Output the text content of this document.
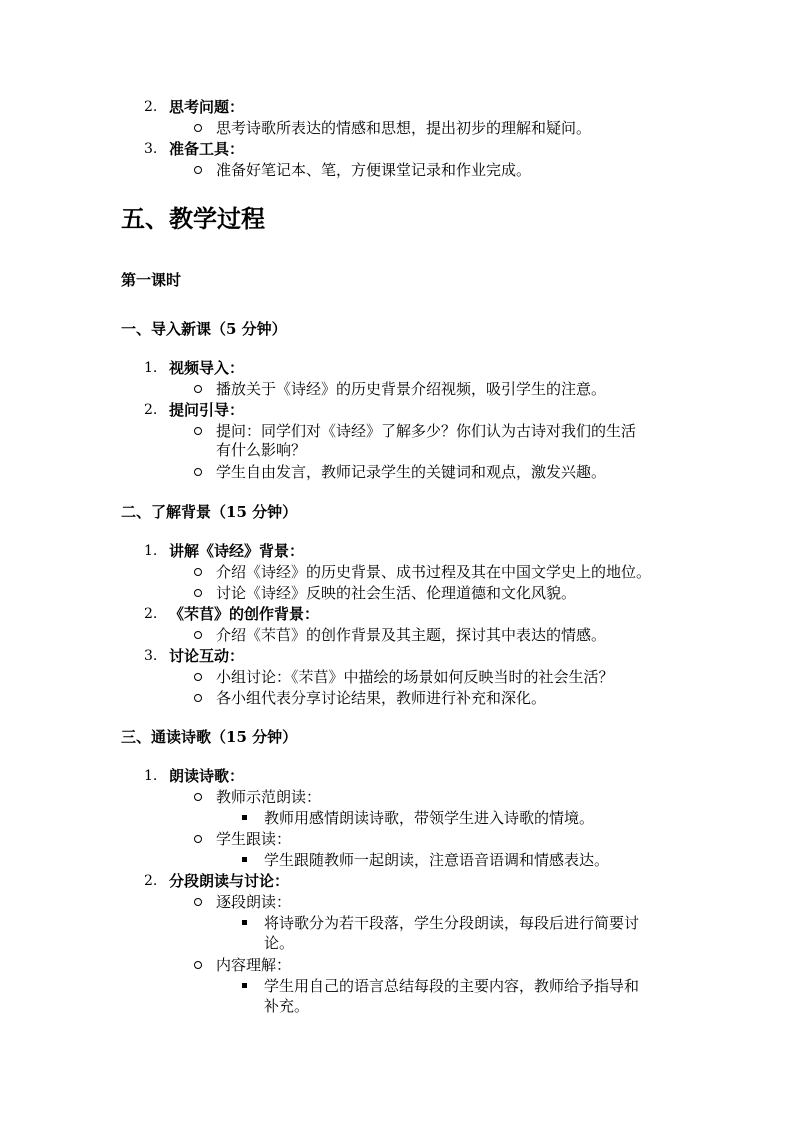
2. 思考问题：
思考诗歌所表达的情感和思想，提出初步的理解和疑问。
3. 准备工具：
准备好笔记本、笔，方便课堂记录和作业完成。
五、教学过程
第一课时
一、导入新课（5 分钟）
1. 视频导入：
播放关于《诗经》的历史背景介绍视频，吸引学生的注意。
2. 提问引导：
提问：同学们对《诗经》了解多少？你们认为古诗对我们的生活
有什么影响？
学生自由发言，教师记录学生的关键词和观点，激发兴趣。
二、了解背景（15 分钟）
1. 讲解《诗经》背景：
介绍《诗经》的历史背景、成书过程及其在中国文学史上的地位。
讨论《诗经》反映的社会生活、伦理道德和文化风貌。
2. 《芣苢》的创作背景：
介绍《芣苢》的创作背景及其主题，探讨其中表达的情感。
3. 讨论互动：
小组讨论：《芣苢》中描绘的场景如何反映当时的社会生活？
各小组代表分享讨论结果，教师进行补充和深化。
三、通读诗歌（15 分钟）
1. 朗读诗歌：
教师示范朗读：
教师用感情朗读诗歌，带领学生进入诗歌的情境。
学生跟读：
学生跟随教师一起朗读，注意语音语调和情感表达。
2. 分段朗读与讨论：
逐段朗读：
将诗歌分为若干段落，学生分段朗读，每段后进行简要讨
论。
内容理解：
学生用自己的语言总结每段的主要内容，教师给予指导和
补充。
